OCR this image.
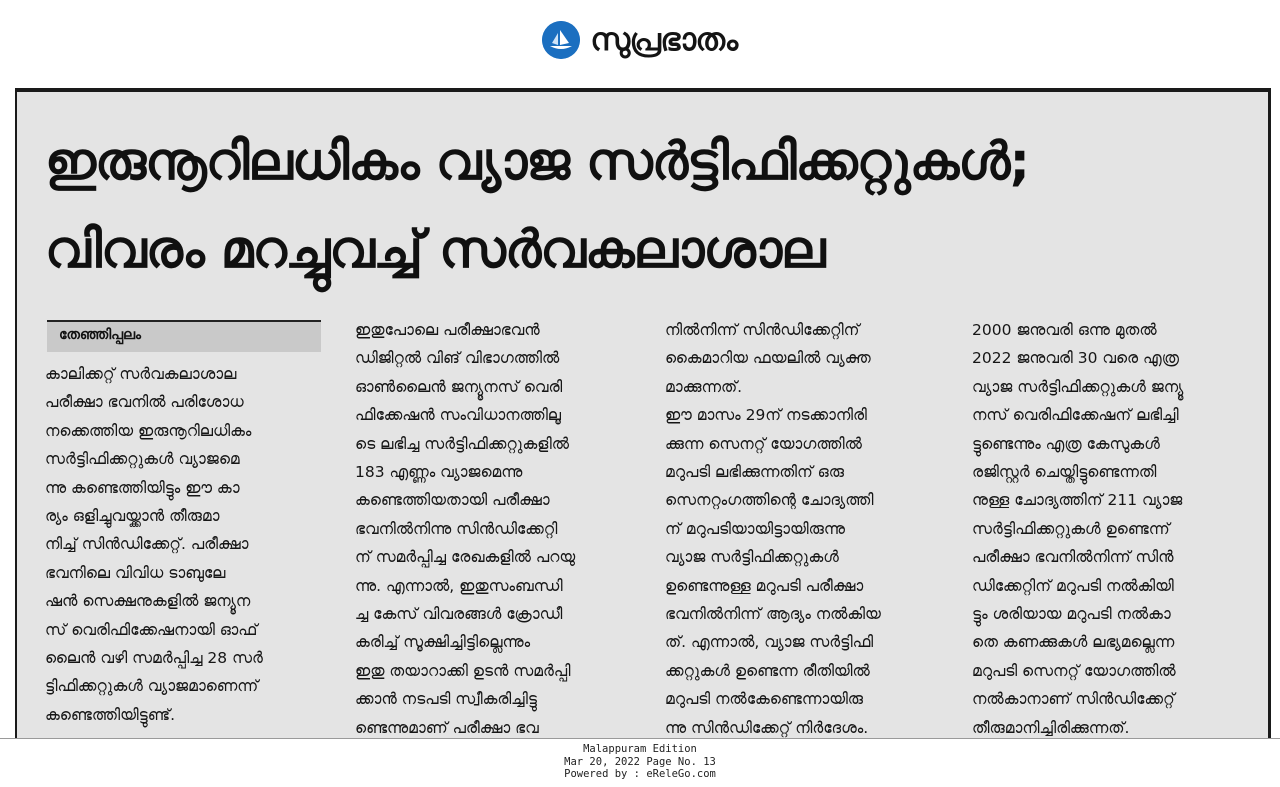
സുപ്രഭാതം
ഇരുനൂറിലധികം വ്യാജ സർട്ടിഫിക്കറ്റുകൾ;
വിവരം മറച്ചുവച്ച് സർവകലാശാല
തേഞ്ഞിപ്പലം

കാലിക്കറ്റ് സർവകലാശാല
പരീക്ഷാ ഭവനിൽ പരിശോധ
നക്കെത്തിയ ഇരുനൂറിലധികം
സർട്ടിഫിക്കറ്റുകൾ വ്യാജമെ
ന്നു കണ്ടെത്തിയിട്ടും ഈ കാ
ര്യം ഒളിച്ചുവയ്ക്കാൻ തീരുമാ
നിച്ച് സിൻഡിക്കേറ്റ്. പരീക്ഷാ
ഭവനിലെ വിവിധ ടാബുലേ
ഷൻ സെക്ഷനുകളിൽ ജന്യൂന
സ് വെരിഫിക്കേഷനായി ഓഫ്
ലൈൻ വഴി സമർപ്പിച്ച 28 സർ
ട്ടിഫിക്കറ്റുകൾ വ്യാജമാണെന്ന്
കണ്ടെത്തിയിട്ടുണ്ട്.

ഇതുപോലെ പരീക്ഷാഭവൻ
ഡിജിറ്റൽ വിങ് വിഭാഗത്തിൽ
ഓൺലൈൻ ജന്യൂനസ് വെരി
ഫിക്കേഷൻ സംവിധാനത്തിലൂ
ടെ ലഭിച്ച സർട്ടിഫിക്കറ്റുകളിൽ
183 എണ്ണം വ്യാജമെന്നു
കണ്ടെത്തിയതായി പരീക്ഷാ
ഭവനിൽനിന്നു സിൻഡിക്കേറ്റി
ന് സമർപ്പിച്ച രേഖകളിൽ പറയു
ന്നു. എന്നാൽ, ഇതുസംബന്ധി
ച്ച കേസ് വിവരങ്ങൾ ക്രോഡീ
കരിച്ച് സൂക്ഷിച്ചിട്ടില്ലെന്നും
ഇതു തയാറാക്കി ഉടൻ സമർപ്പി
ക്കാൻ നടപടി സ്വീകരിച്ചിട്ടു
ണ്ടെന്നുമാണ് പരീക്ഷാ ഭവ

നിൽനിന്ന് സിൻഡിക്കേറ്റിന്
കൈമാറിയ ഫയലിൽ വ്യക്ത
മാക്കുന്നത്.
ഈ മാസം 29ന് നടക്കാനിരി
ക്കുന്ന സെനറ്റ് യോഗത്തിൽ
മറുപടി ലഭിക്കുന്നതിന് ഒരു
സെനറ്റംഗത്തിന്റെ ചോദ്യത്തി
ന് മറുപടിയായിട്ടായിരുന്നു
വ്യാജ സർട്ടിഫിക്കറ്റുകൾ
ഉണ്ടെന്നുള്ള മറുപടി പരീക്ഷാ
ഭവനിൽനിന്ന് ആദ്യം നൽകിയ
ത്. എന്നാൽ, വ്യാജ സർട്ടിഫി
ക്കറ്റുകൾ ഉണ്ടെന്ന രീതിയിൽ
മറുപടി നൽകേണ്ടെന്നായിരു
ന്നു സിൻഡിക്കേറ്റ് നിർദേശം.

2000 ജനുവരി ഒന്നു മുതൽ
2022 ജനുവരി 30 വരെ എത്ര
വ്യാജ സർട്ടിഫിക്കറ്റുകൾ ജന്യൂ
നസ് വെരിഫിക്കേഷന് ലഭിച്ചി
ട്ടുണ്ടെന്നും എത്ര കേസുകൾ
രജിസ്റ്റർ ചെയ്തിട്ടുണ്ടെന്നതി
നുള്ള ചോദ്യത്തിന് 211 വ്യാജ
സർട്ടിഫിക്കറ്റുകൾ ഉണ്ടെന്ന്
പരീക്ഷാ ഭവനിൽനിന്ന് സിൻ
ഡിക്കേറ്റിന് മറുപടി നൽകിയി
ട്ടും ശരിയായ മറുപടി നൽകാ
തെ കണക്കുകൾ ലഭ്യമല്ലെന്ന
മറുപടി സെനറ്റ് യോഗത്തിൽ
നൽകാനാണ് സിൻഡിക്കേറ്റ്
തീരുമാനിച്ചിരിക്കുന്നത്.

Malappuram Edition
Mar 20, 2022 Page No. 13
Powered by : eReleGo.com
